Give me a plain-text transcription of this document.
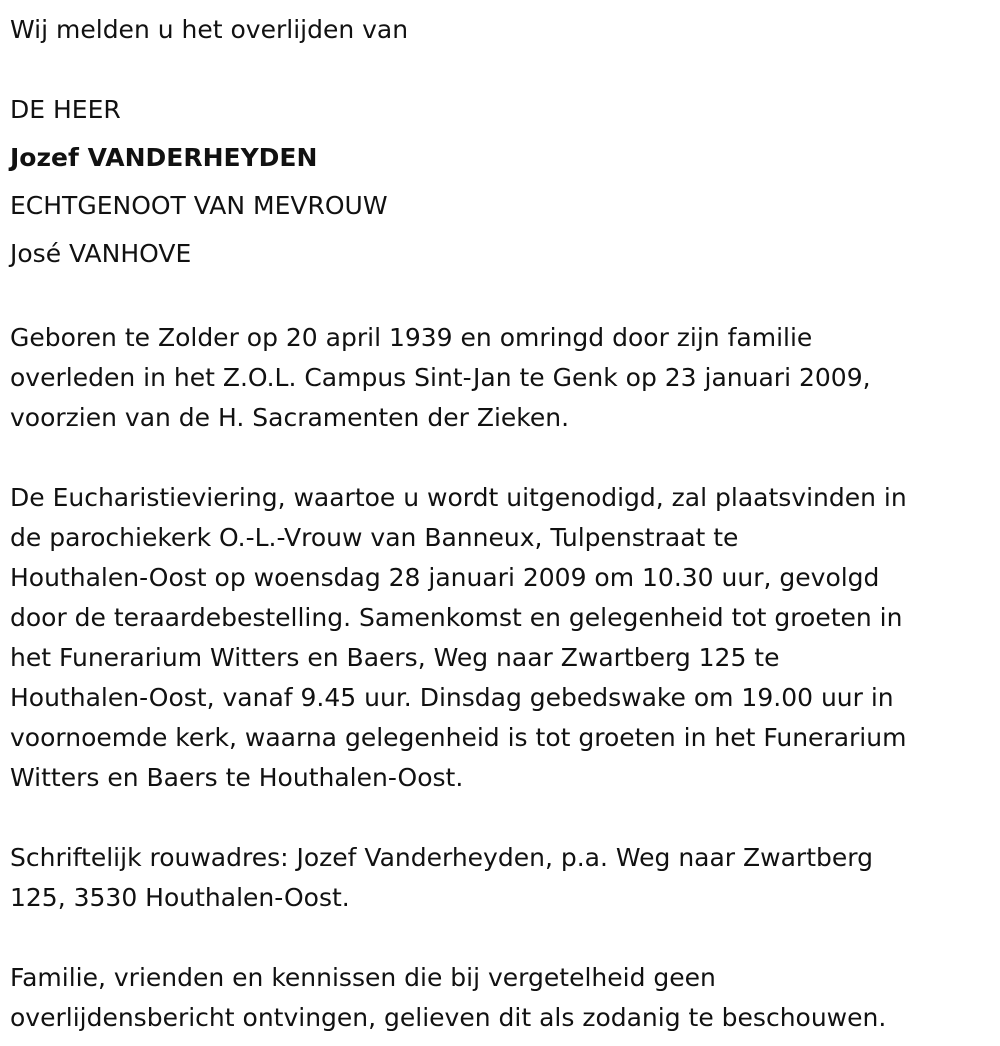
Wij melden u het overlijden van

DE HEER

Jozef VANDERHEYDEN

ECHTGENOOT VAN MEVROUW

José VANHOVE

Geboren te Zolder op 20 april 1939 en omringd door zijn familie

overleden in het Z.O.L. Campus Sint-Jan te Genk op 23 januari 2009,

voorzien van de H. Sacramenten der Zieken.

De Eucharistieviering, waartoe u wordt uitgenodigd, zal plaatsvinden in

de parochiekerk O.-L.-Vrouw van Banneux, Tulpenstraat te

Houthalen-Oost op woensdag 28 januari 2009 om 10.30 uur, gevolgd

door de teraardebestelling. Samenkomst en gelegenheid tot groeten in

het Funerarium Witters en Baers, Weg naar Zwartberg 125 te

Houthalen-Oost, vanaf 9.45 uur. Dinsdag gebedswake om 19.00 uur in

voornoemde kerk, waarna gelegenheid is tot groeten in het Funerarium

Witters en Baers te Houthalen-Oost.

Schriftelijk rouwadres: Jozef Vanderheyden, p.a. Weg naar Zwartberg

125, 3530 Houthalen-Oost.

Familie, vrienden en kennissen die bij vergetelheid geen

overlijdensbericht ontvingen, gelieven dit als zodanig te beschouwen.
